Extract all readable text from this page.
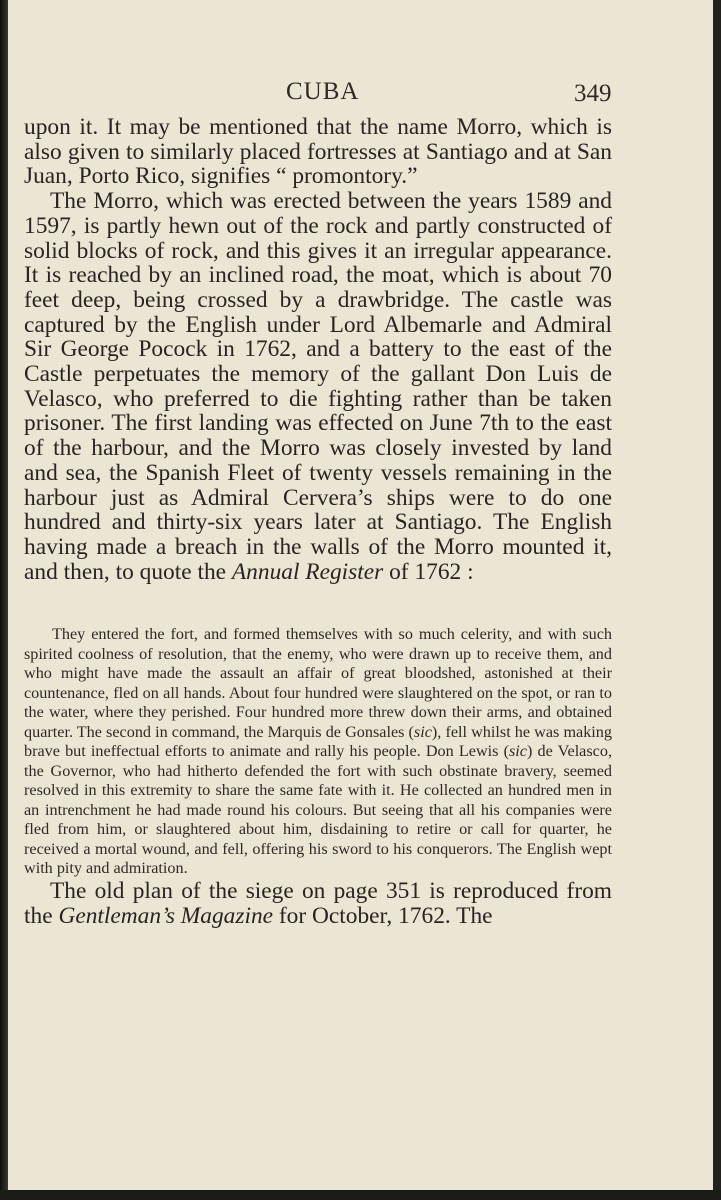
CUBA	349

upon it. It may be mentioned that the name Morro, which is also given to similarly placed fortresses at Santiago and at San Juan, Porto Rico, signifies “ promontory.”

The Morro, which was erected between the years 1589 and 1597, is partly hewn out of the rock and partly constructed of solid blocks of rock, and this gives it an irregular appearance. It is reached by an inclined road, the moat, which is about 70 feet deep, being crossed by a drawbridge. The castle was captured by the English under Lord Albemarle and Admiral Sir George Pocock in 1762, and a battery to the east of the Castle perpetuates the memory of the gallant Don Luis de Velasco, who preferred to die fighting rather than be taken prisoner. The first landing was effected on June 7th to the east of the harbour, and the Morro was closely invested by land and sea, the Spanish Fleet of twenty vessels remaining in the harbour just as Admiral Cervera’s ships were to do one hundred and thirty-six years later at Santiago. The English having made a breach in the walls of the Morro mounted it, and then, to quote the Annual Register of 1762 :

They entered the fort, and formed themselves with so much celerity, and with such spirited coolness of resolution, that the enemy, who were drawn up to receive them, and who might have made the assault an affair of great bloodshed, astonished at their countenance, fled on all hands. About four hundred were slaughtered on the spot, or ran to the water, where they perished. Four hundred more threw down their arms, and obtained quarter. The second in command, the Marquis de Gonsales (sic), fell whilst he was making brave but ineffectual efforts to animate and rally his people. Don Lewis (sic) de Velasco, the Governor, who had hitherto defended the fort with such obstinate bravery, seemed resolved in this extremity to share the same fate with it. He collected an hundred men in an intrenchment he had made round his colours. But seeing that all his companies were fled from him, or slaughtered about him, disdaining to retire or call for quarter, he received a mortal wound, and fell, offering his sword to his conquerors. The English wept with pity and admiration.

The old plan of the siege on page 351 is reproduced from the Gentleman’s Magazine for October, 1762. The
